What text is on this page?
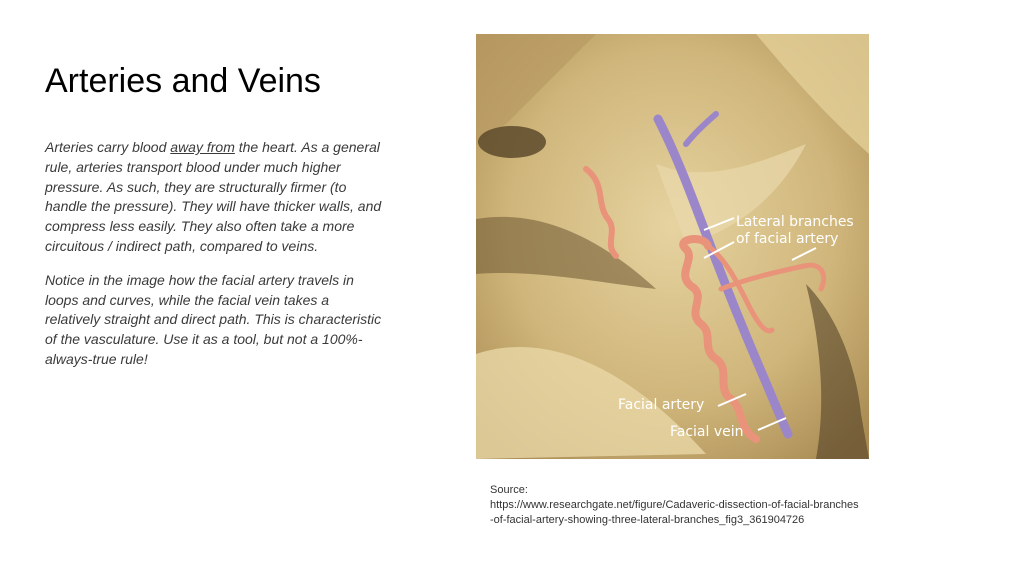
Arteries and Veins

Arteries carry blood away from the heart. As a general rule, arteries transport blood under much higher pressure. As such, they are structurally firmer (to handle the pressure). They will have thicker walls, and compress less easily. They also often take a more circuitous / indirect path, compared to veins.

Notice in the image how the facial artery travels in loops and curves, while the facial vein takes a relatively straight and direct path. This is characteristic of the vasculature. Use it as a tool, but not a 100%-always-true rule!

Lateral branches
of facial artery
Facial artery
Facial vein
Source:

https://www.researchgate.net/figure/Cadaveric-dissection-of-facial-branches-of-facial-artery-showing-three-lateral-branches_fig3_361904726
